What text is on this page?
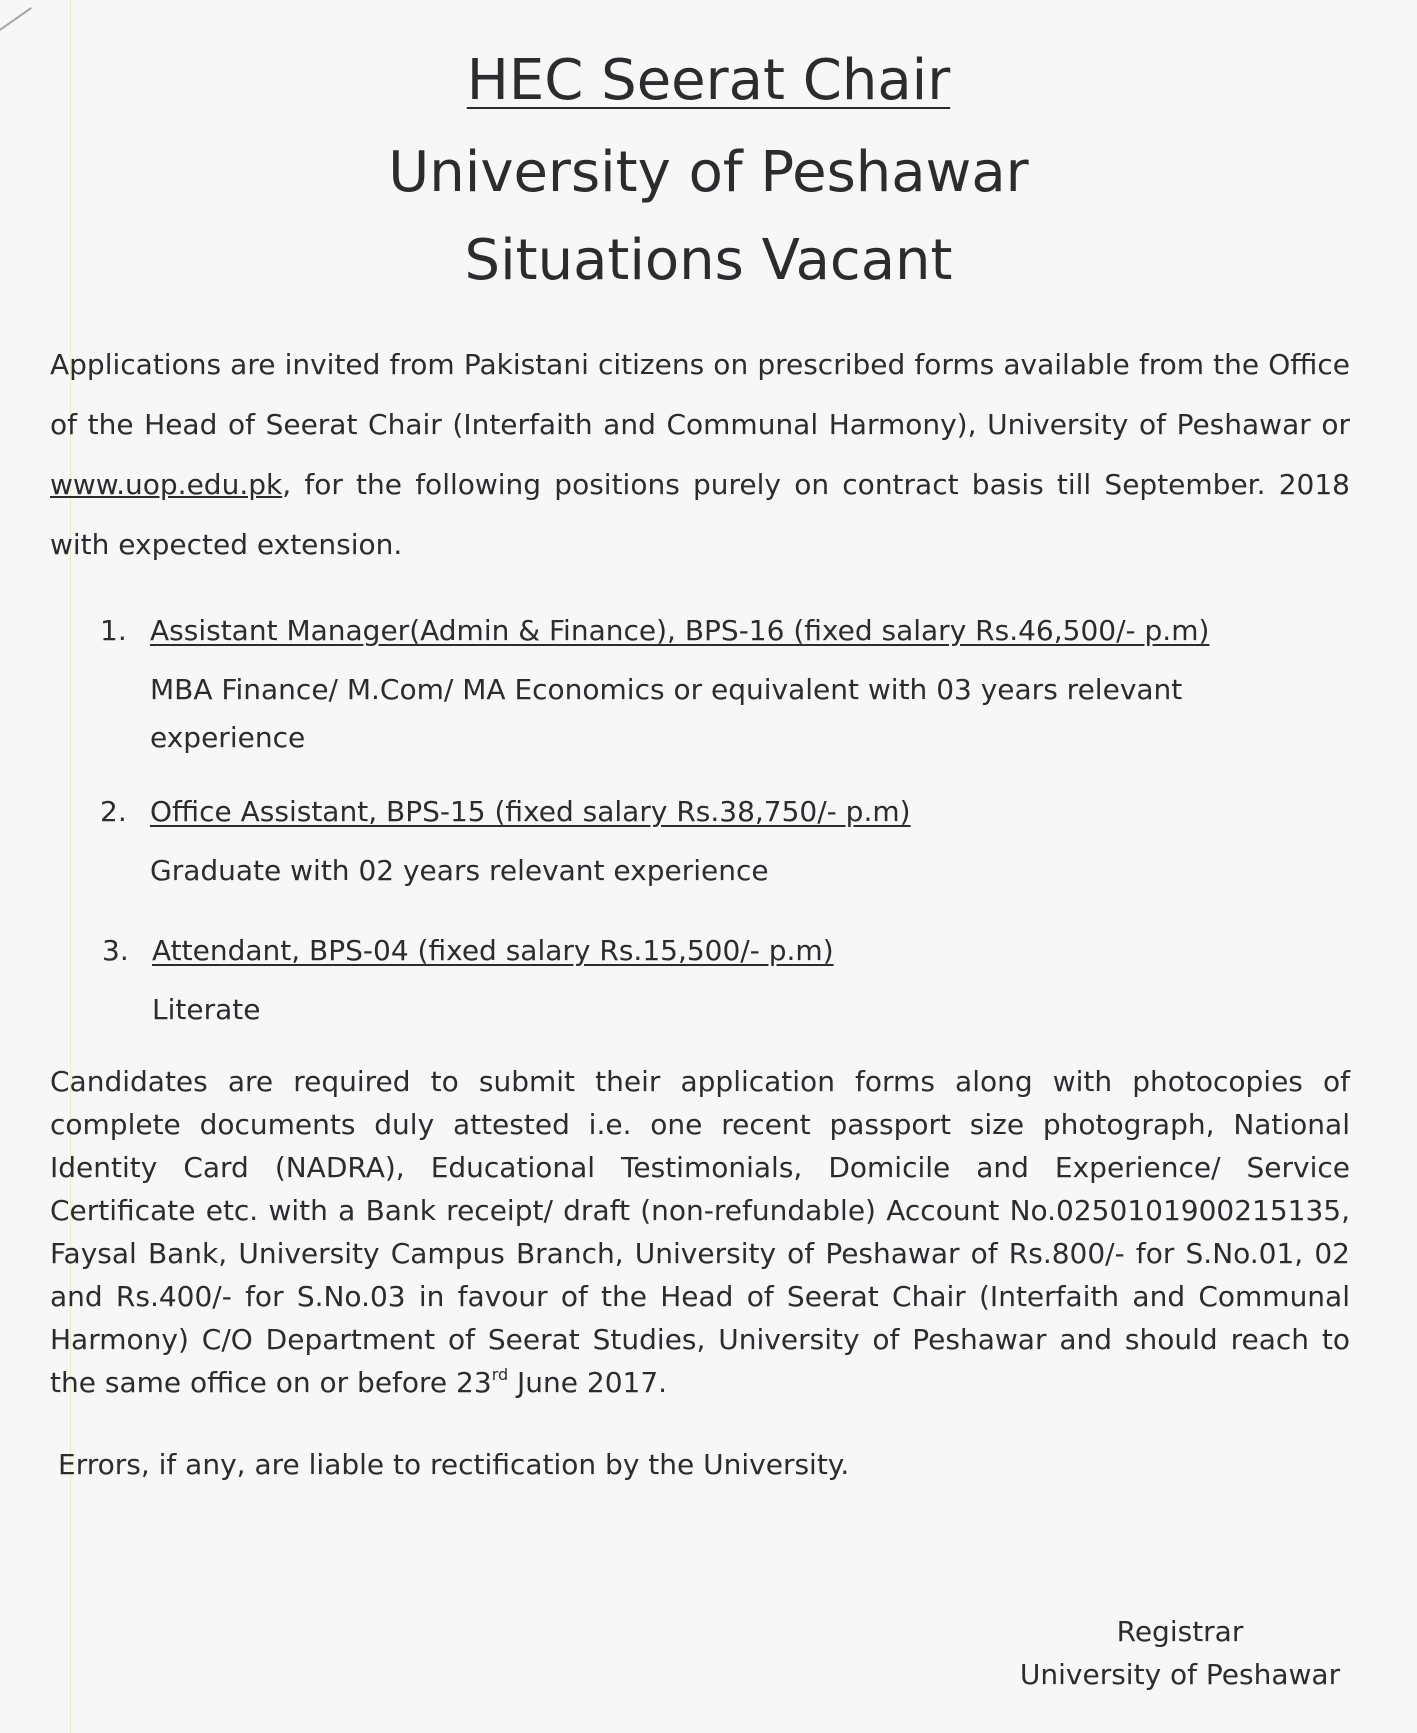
HEC Seerat Chair
University of Peshawar
Situations Vacant
Applications are invited from Pakistani citizens on prescribed forms available from the Office of the Head of Seerat Chair (Interfaith and Communal Harmony), University of Peshawar or www.uop.edu.pk, for the following positions purely on contract basis till September. 2018 with expected extension.
1. Assistant Manager(Admin & Finance), BPS-16 (fixed salary Rs.46,500/- p.m)
MBA Finance/ M.Com/ MA Economics or equivalent with 03 years relevant experience
2. Office Assistant, BPS-15 (fixed salary Rs.38,750/- p.m)
Graduate with 02 years relevant experience
3. Attendant, BPS-04 (fixed salary Rs.15,500/- p.m)
Literate
Candidates are required to submit their application forms along with photocopies of complete documents duly attested i.e. one recent passport size photograph, National Identity Card (NADRA), Educational Testimonials, Domicile and Experience/ Service Certificate etc. with a Bank receipt/ draft (non-refundable) Account No.0250101900215135, Faysal Bank, University Campus Branch, University of Peshawar of Rs.800/- for S.No.01, 02 and Rs.400/- for S.No.03 in favour of the Head of Seerat Chair (Interfaith and Communal Harmony) C/O Department of Seerat Studies, University of Peshawar and should reach to the same office on or before 23rd June 2017.
Errors, if any, are liable to rectification by the University.
Registrar
University of Peshawar
